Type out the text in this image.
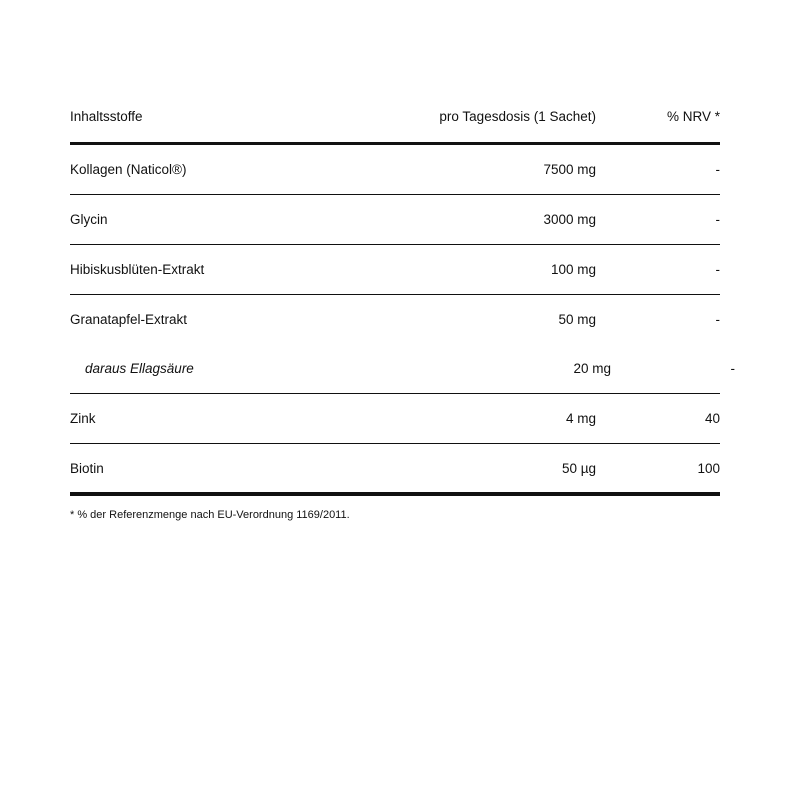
Inhaltsstoffe	pro Tagesdosis (1 Sachet)	% NRV *
Kollagen (Naticol®)	7500 mg	-
Glycin	3000 mg	-
Hibiskusblüten-Extrakt	100 mg	-
Granatapfel-Extrakt	50 mg	-
daraus Ellagsäure	20 mg	-
Zink	4 mg	40
Biotin	50 µg	100
* % der Referenzmenge nach EU-Verordnung 1169/2011.
